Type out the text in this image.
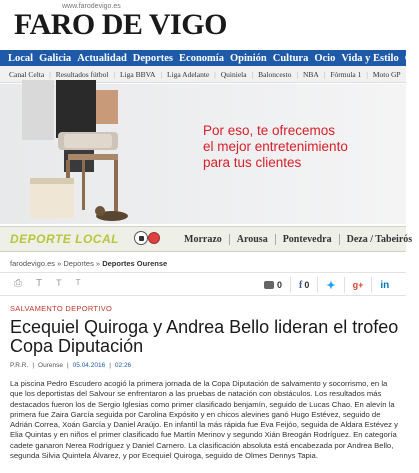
www.farodevigo.es
FARO DE VIGO
Local Galicia Actualidad Deportes Economía Opinión Cultura Ocio Vida y Estilo G
Canal Celta | Resultados fútbol | Liga BBVA | Liga Adelante | Quiniela | Baloncesto | NBA | Fórmula 1 | Moto GP
Por eso, te ofrecemos
el mejor entretenimiento
para tus clientes
DEPORTE LOCAL	Morrazo	Arousa	Pontevedra	Deza / Tabeirós
farodevigo.es » Deportes » Deportes Ourense
⎙ T T T	0 f 0 ✦ g+ in
SALVAMENTO DEPORTIVO
Ecequiel Quiroga y Andrea Bello lideran el trofeo Copa Diputación
P.R.R. | Ourense | 05.04.2016 | 02:26

La piscina Pedro Escudero acogió la primera jornada de la Copa Diputación de salvamento y socorrismo, en la que los deportistas del Salvour se enfrentaron a las pruebas de natación con obstáculos. Los resultados más destacados fueron los de Sergio Iglesias como primer clasificado benjamín, seguido de Lucas Chao. En alevín la primera fue Zaira García seguida por Carolina Expósito y en chicos alevines ganó Hugo Estévez, seguido de Adrián Correa, Xoán García y Daniel Araújo. En infantil la más rápida fue Eva Feijóo, seguida de Aldara Estévez y Elia Quintas y en niños el primer clasificado fue Martín Merinov y segundo Xián Breogán Rodríguez. En categoría cadete ganaron Nerea Rodríguez y Daniel Carnero. La clasificación absoluta está encabezada por Andrea Bello, segunda Silvia Quintela Álvarez, y por Ecequiel Quiroga, seguido de Olmes Dennys Tapia.
